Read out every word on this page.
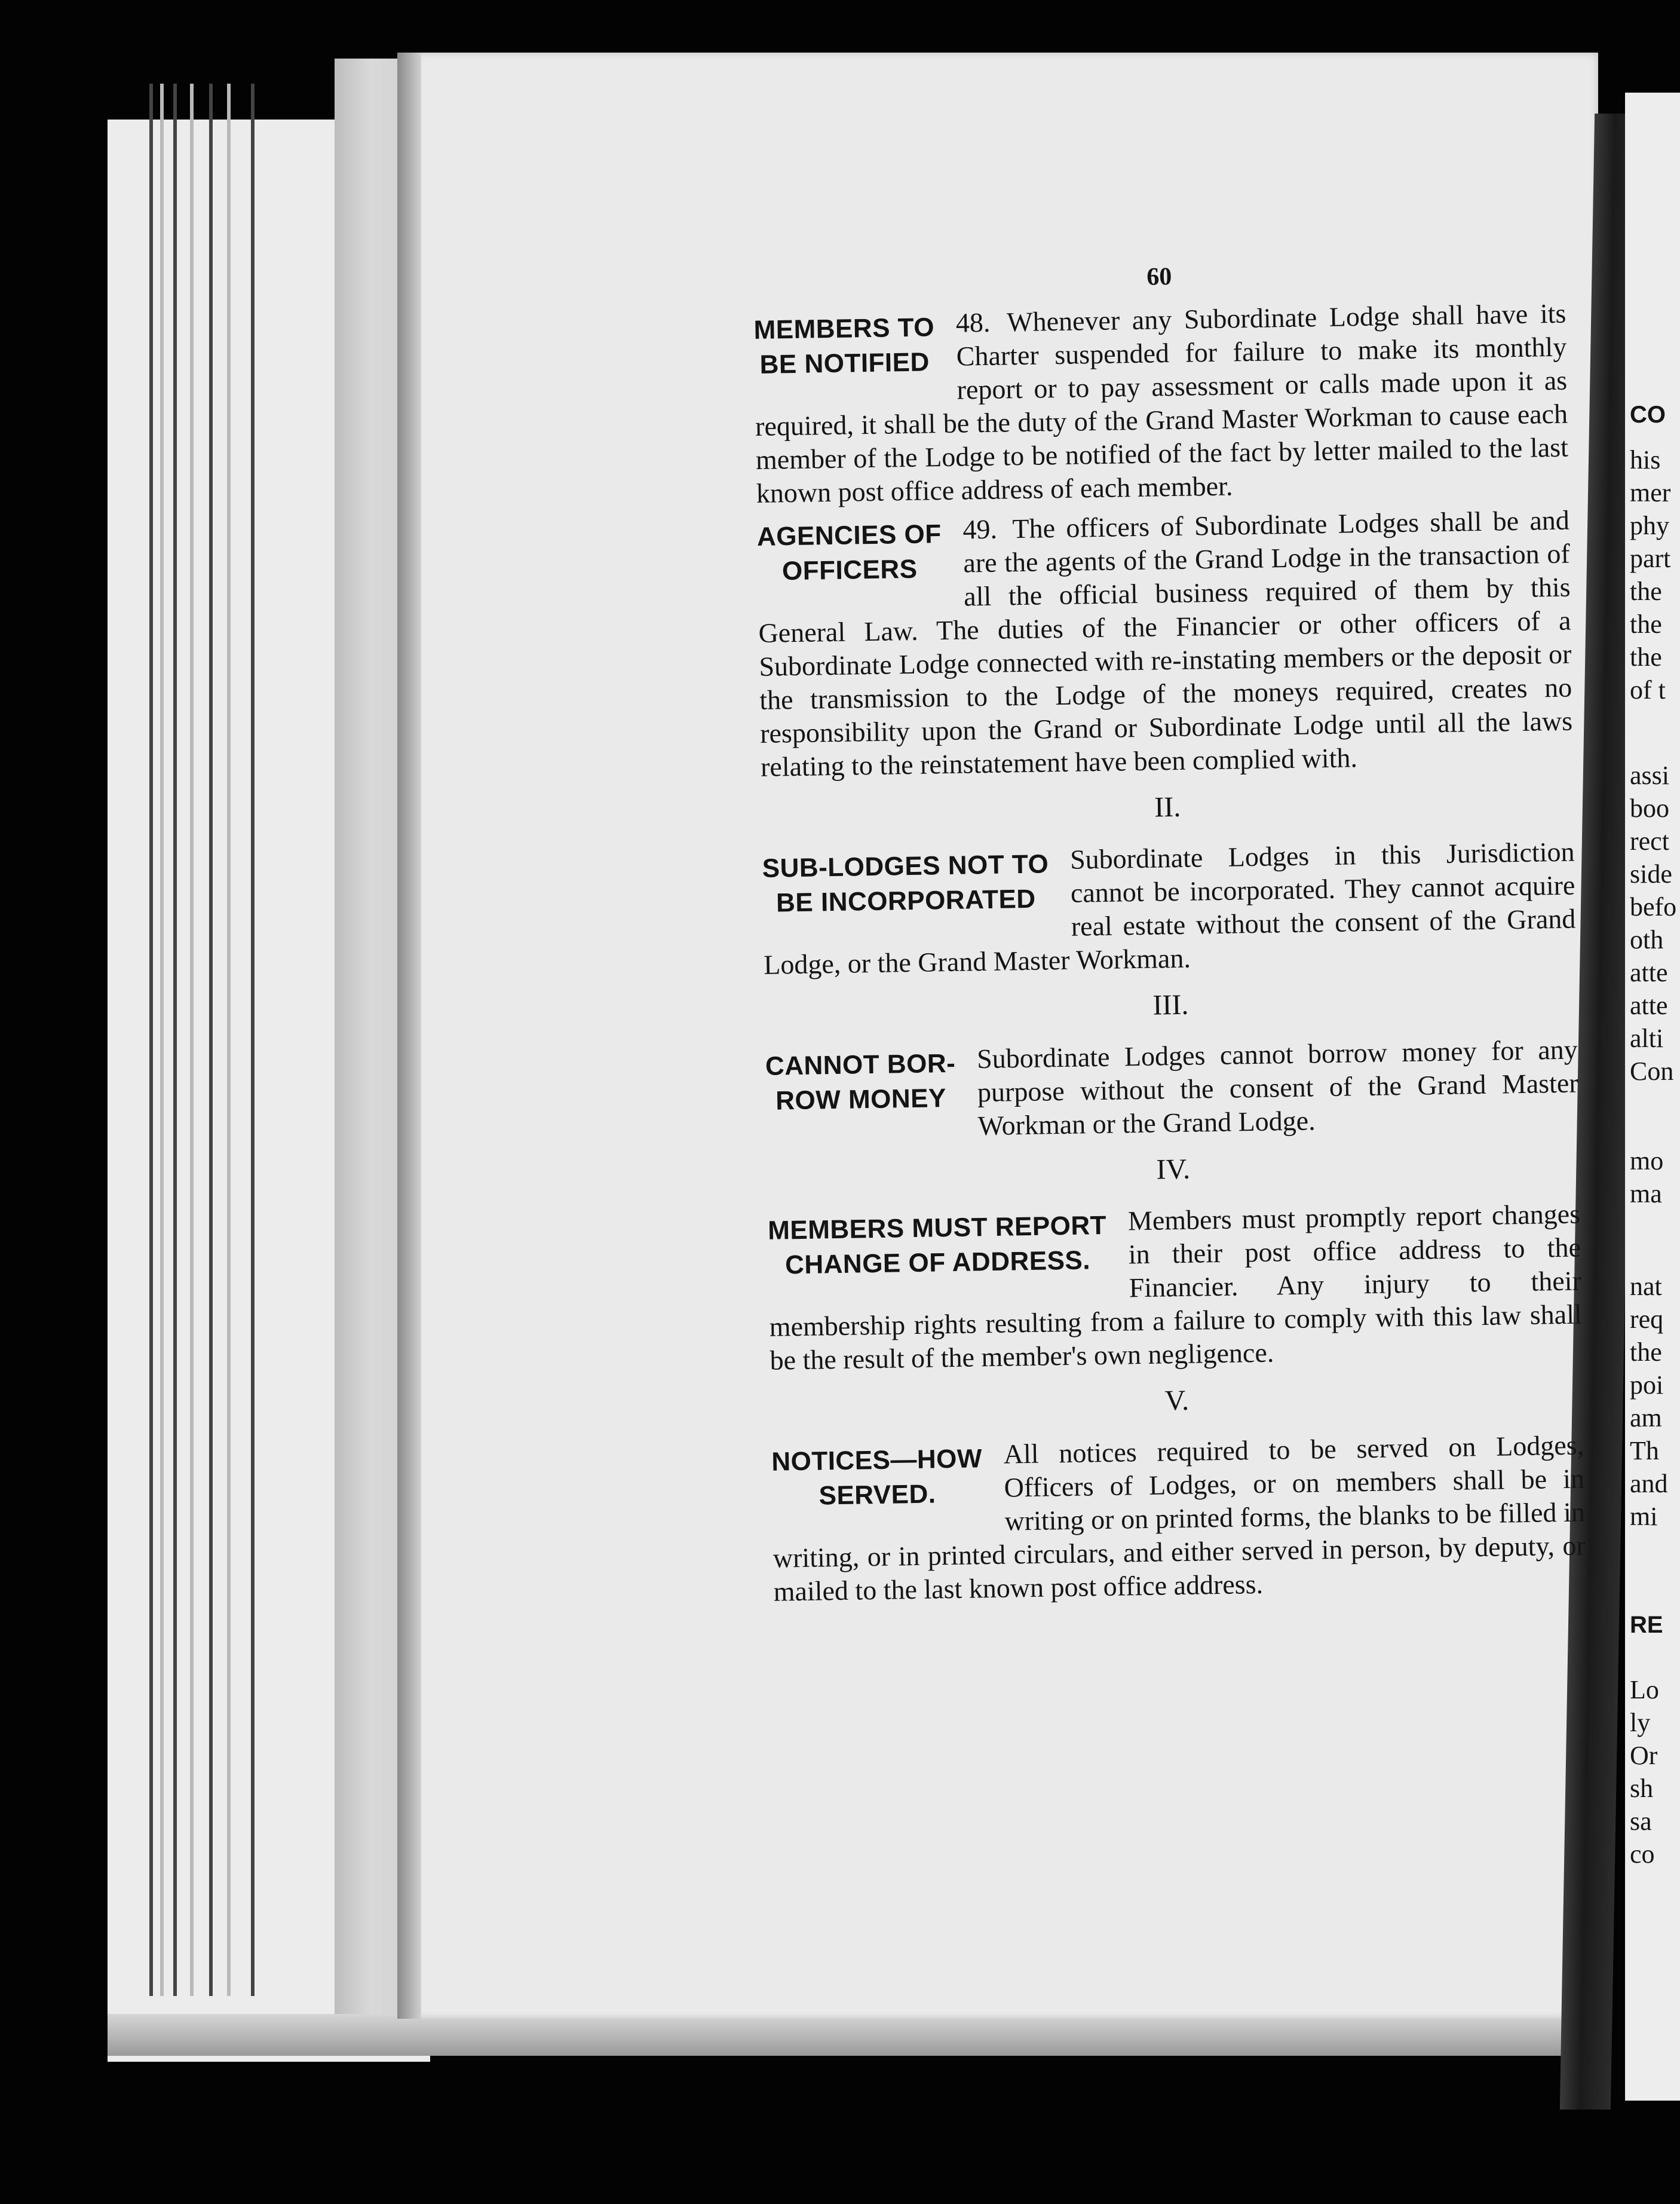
60
MEMBERS TO
BE NOTIFIED
48. Whenever any Subordinate Lodge shall have its Charter suspended for failure to make its monthly report or to pay assessment or calls made upon it as required, it shall be the duty of the Grand Master Workman to cause each member of the Lodge to be notified of the fact by letter mailed to the last known post office address of each member.
AGENCIES OF
OFFICERS
49. The officers of Subordinate Lodges shall be and are the agents of the Grand Lodge in the transaction of all the official business required of them by this General Law. The duties of the Financier or other officers of a Subordinate Lodge connected with re-instating members or the deposit or the transmission to the Lodge of the moneys required, creates no responsibility upon the Grand or Subordinate Lodge until all the laws relating to the reinstatement have been complied with.
II.
SUB-LODGES NOT TO
BE INCORPORATED
Subordinate Lodges in this Jurisdiction cannot be incorporated. They cannot acquire real estate without the consent of the Grand Lodge, or the Grand Master Workman.
III.
CANNOT BOR-
ROW MONEY
Subordinate Lodges cannot borrow money for any purpose without the consent of the Grand Master Workman or the Grand Lodge.
IV.
MEMBERS MUST REPORT
CHANGE OF ADDRESS.
Members must promptly report changes in their post office address to the Financier. Any injury to their membership rights resulting from a failure to comply with this law shall be the result of the member's own negligence.
V.
NOTICES—HOW
SERVED.
All notices required to be served on Lodges, Officers of Lodges, or on members shall be in writing or on printed forms, the blanks to be filled in writing, or in printed circulars, and either served in person, by deputy, or mailed to the last known post office address.
CO
his
mer
phy
part
the
the
the
of t
assi
boo
rect
side
befo
oth
atte
atte
alti
Con
mo
ma
nat
req
the
poi
am
Th
and
mi
RE
Lo
ly
Or
sh
sa
co
